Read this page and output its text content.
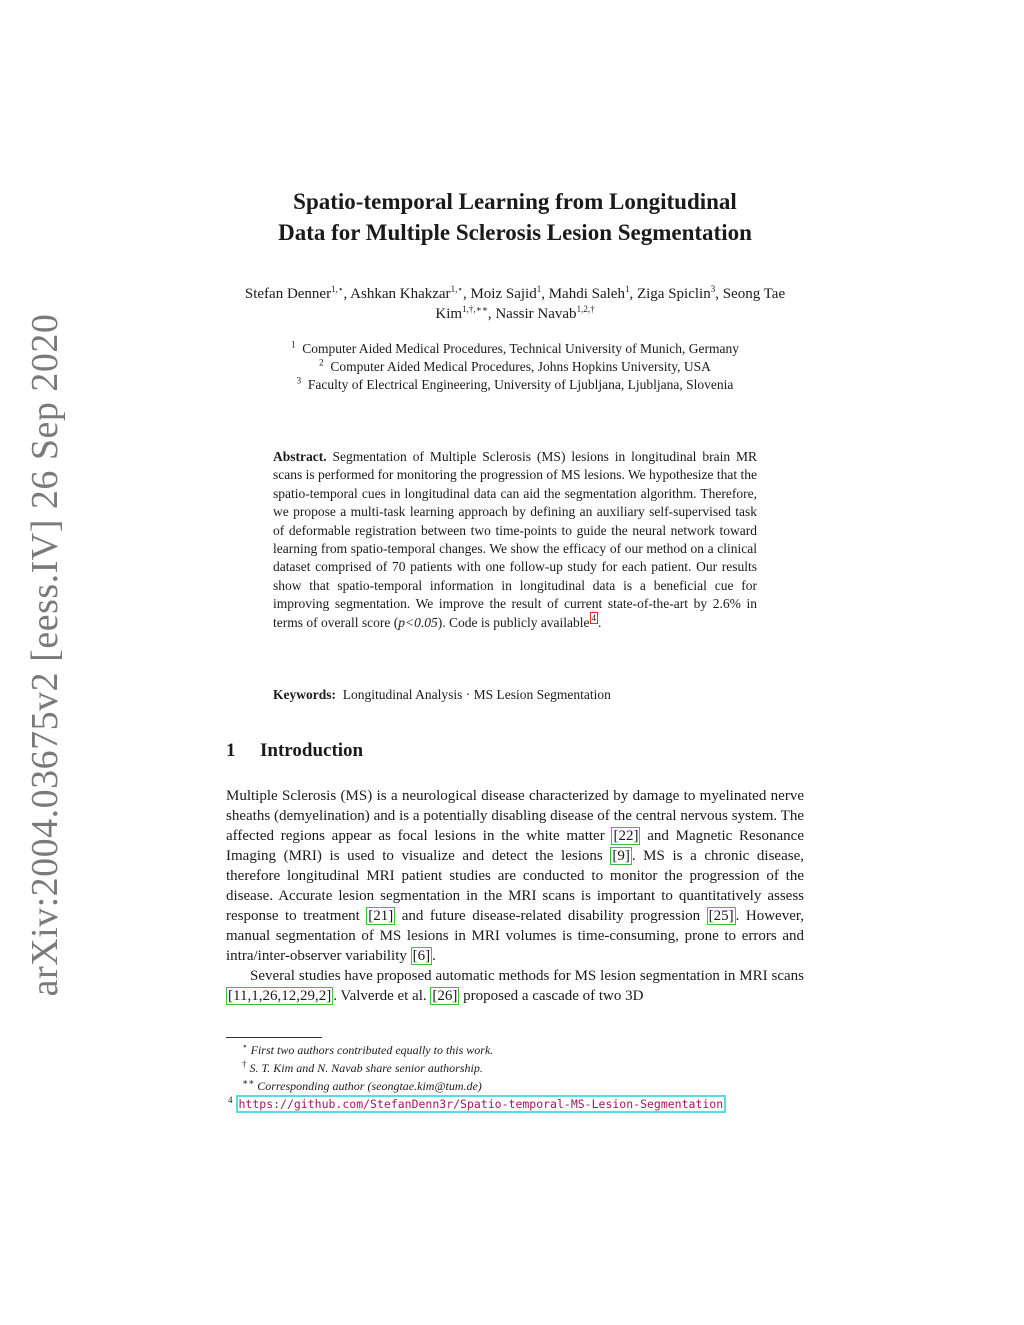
arXiv:2004.03675v2 [eess.IV] 26 Sep 2020
Spatio-temporal Learning from Longitudinal
Data for Multiple Sclerosis Lesion Segmentation
Stefan Denner$^{1,⋆}$, Ashkan Khakzar$^{1,⋆}$, Moiz Sajid$^1$, Mahdi Saleh$^1$, Ziga Spiclin$^3$, Seong Tae Kim$^{1,\dagger,∗∗}$, Nassir Navab$^{1,2,\dagger}$
$^1$ Computer Aided Medical Procedures, Technical University of Munich, Germany
$^2$ Computer Aided Medical Procedures, Johns Hopkins University, USA
$^3$ Faculty of Electrical Engineering, University of Ljubljana, Ljubljana, Slovenia
Abstract. Segmentation of Multiple Sclerosis (MS) lesions in longitudinal brain MR scans is performed for monitoring the progression of MS lesions. We hypothesize that the spatio-temporal cues in longitudinal data can aid the segmentation algorithm. Therefore, we propose a multi-task learning approach by defining an auxiliary self-supervised task of deformable registration between two time-points to guide the neural network toward learning from spatio-temporal changes. We show the efficacy of our method on a clinical dataset comprised of 70 patients with one follow-up study for each patient. Our results show that spatio-temporal information in longitudinal data is a beneficial cue for improving segmentation. We improve the result of current state-of-the-art by 2.6% in terms of overall score (p<0.05). Code is publicly available $^4$ .
Keywords: Longitudinal Analysis · MS Lesion Segmentation
1 Introduction

Multiple Sclerosis (MS) is a neurological disease characterized by damage to myelinated nerve sheaths (demyelination) and is a potentially disabling disease of the central nervous system. The affected regions appear as focal lesions in the white matter [22] and Magnetic Resonance Imaging (MRI) is used to visualize and detect the lesions [9] . MS is a chronic disease, therefore longitudinal MRI patient studies are conducted to monitor the progression of the disease. Accurate lesion segmentation in the MRI scans is important to quantitatively assess response to treatment [21] and future disease-related disability progression [25] . However, manual segmentation of MS lesions in MRI volumes is time-consuming, prone to errors and intra/inter-observer variability [6] .

Several studies have proposed automatic methods for MS lesion segmentation in MRI scans [11,1,26,12,29,2] . Valverde et al. [26] proposed a cascade of two 3D

⋆ First two authors contributed equally to this work.
† S. T. Kim and N. Navab share senior authorship.
∗∗ Corresponding author (seongtae.kim@tum.de)
$^4$ https://github.com/StefanDenn3r/Spatio-temporal-MS-Lesion-Segmentation
